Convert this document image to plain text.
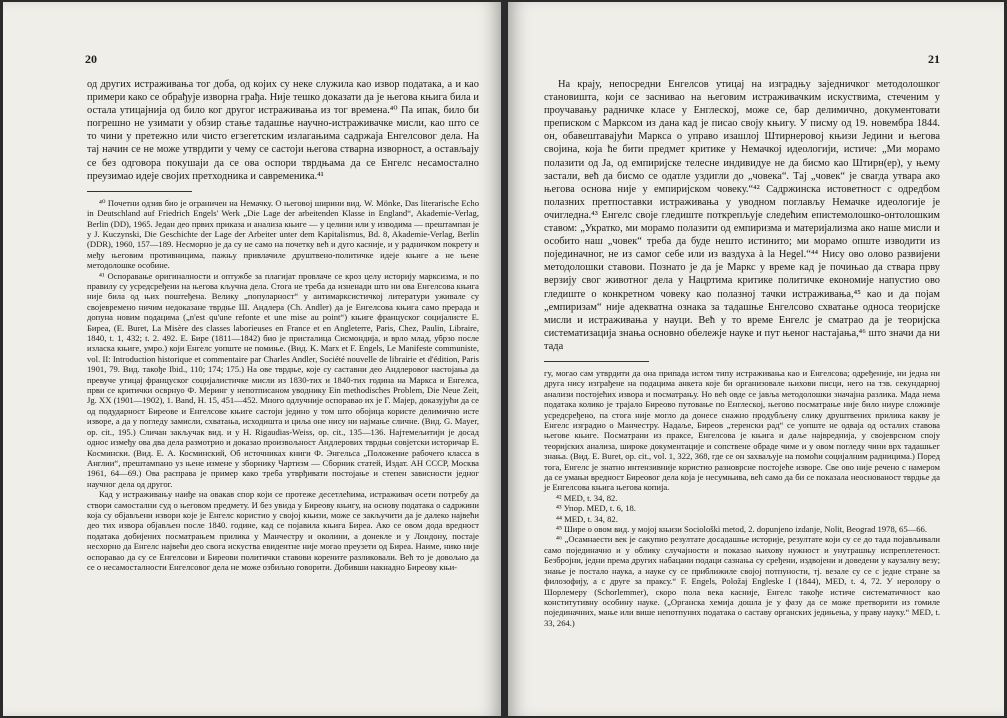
20

од других истраживања тог доба, од којих су неке служила као извор података, а и као примери како се обрађује изворна грађа. Није тешко доказати да је његова књига била и остала утицајнија од било ког другог истраживања из тог времена.⁴⁰ Па ипак, било би погрешно не узимати у обзир стање тадашње научно-истраживачке мисли, као што се то чини у претежно или чисто егзегетским излагањима садржаја Енгелсовог дела. На тај начин се не може утврдити у чему се састоји његова стварна изворност, а остављају се без одговора покушаји да се ова оспори тврдњама да се Енгелс несамостално преузимао идеје својих претходника и савременика.⁴¹

⁴⁰ Почетни одзив био је ограничен на Немачку. О његовој ширини вид. W. Mönke, Das literarische Echo in Deutschland auf Friedrich Engels' Werk „Die Lage der arbeitenden Klasse in England“, Akademie-Verlag, Berlin (DD), 1965. Један део првих приказа и анализа књиге — у целини или у изводима — прештампан је у J. Kuczynski, Die Geschichte der Lage der Arbeiter unter dem Kapitalismus, Bd. 8, Akademie-Verlag, Berlin (DDR), 1960, 157—189. Несморно је да су не само на почетку већ и дуго касније, и у радничком покрету и међу његовим противницима, пажњу привлачиле друштвено-политичке идеје књиге а не њене методолошке особине.

⁴¹ Оспоравање оригиналности и оптужбе за плагијат провлаче се кроз целу историју марксизма, и по правилу су усредсређени на његова кључна дела. Стога не треба да изненади што ни ова Енгелсова књига није била од њих поштеђена. Велику „популарност“ у антимарксистичкој литератури уживале су својевремено ничим недоказане тврдње Ш. Андлера (Ch. Andler) да је Енгелсова књига само прерада и допуна новим подацима („n'est qu'une refonte et une mise au point“) књиге француског социјалисте Е. Бирeа, (E. Buret, La Misère des classes laborieuses en France et en Angleterre, Paris, Chez, Paulin, Libraire, 1840, t. 1, 432; t. 2. 492. Е. Бире (1811—1842) био је присталица Сисмондија, и врло млад, убрзо после изласка књиге, умро.) који Енгелс уопште не помиње. (Вид. K. Marx et F. Engels, Le Manifeste communiste, vol. II: Introduction historique et commentaire par Charles Andler, Société nouvelle de librairie et d'édition, Paris 1901, 79. Вид. такође Ibid., 110; 174; 175.) На ове тврдње, које су саставни део Андлеровог настојања да превуче утицај француског социјалистичке мисли из 1830-тих и 1840-тих година на Маркса и Енгелса, први се критички осврнуо Ф. Меринг у непотписаном уводнику Ein methodisches Problem, Die Neue Zeit, Jg. XX (1901—1902), 1. Band, H. 15, 451—452. Много одлучније оспоравао их је Г. Мајер, доказујући да се од подударност Биреове и Енгелсове књиге састоји једино у том што обоjица користе делимично исте изворе, а да у погледу замисли, схватања, исходишта и циља оне нису ни најмање сличне. (Вид. G. Mayer, op. cit., 195.) Сличан закључак вид. и у H. Rigaudias-Weiss, op. cit., 135—136. Најтемељитији је досад однос између ова два дела размотрио и доказао произвољност Андлерових тврдњи совјетски историчар Е. Космински. (Вид. Е. А. Косминский, Об источниках книги Ф. Энгельса „Положение рабочего класса в Англии“, прештампано уз њене измене у зборнику Чартизм — Сборник статей, Издат. АН СССР, Москва 1961, 64—69.) Ова распрaва је пример како треба утврђивати постојање и степен зависности једног научног дела од другог.

Кад у истраживању наиђе на овакав спор који се протеже десетлећима, истраживач осети потребу да створи самостални суд о његовом предмету. И без увида у Биреову књигу, на основу података о садржини која су објављени извори које је Енгелс користио у својој књизи, може се закључити да је далеко највећи део тих извора објављен после 1840. године, кад се појавила књига Бирea. Ако се овом дода вредност података добијених посматрањем прилика у Манчестру и околини, а донекле и у Лондону, постаје несхорно да Енгелс највећи део свога искуства евидентне није могао преузети од Бирeа. Наиме, нико није оспоравао да су се Енгелсови и Биреови политички ставови корените разликовали. Већ то је довољно да се о несамосталности Енгелсовог дела не може озбиљно говорити. Добивши накнадно Биреову књи-

21

На крају, непосредни Енгелсов утицај на изградњу заједничког методолошког становишта, који се заснивао на његовим истраживачким искуствима, стеченим у проучавању радничке класе у Енглеској, може се, бар делимично, документовати преписком с Марксом из дана кад је писао своју књигу. У писму од 19. новембра 1844. он, обавештавајући Маркса о управо изашлој Штирнеровој књизи Једини и његова својина, која ће бити предмет критике у Немачкој идеологији, истиче: „Ми морамо полазити од Ја, од емпиријске телесне индивидуе не да бисмо као Штирн(ер), у њему застали, већ да бисмо се одатле уздигли до „човека“. Тај „човек“ је свагда утвара ако његова основа није у емпиријском човеку.“⁴² Садржинска истоветност с одредбом полазних претпоставки истраживања у уводном поглављу Немачке идеологије је очигледна.⁴³ Енгелс своје гледиште поткрепљује следећим епистемолошко-онтолошким ставом: „Укратко, ми морамо полазити од емпиризма и материјализма ако наше мисли и особито наш „човек“ треба да буде нешто истинито; ми морамо опште изводити из појединачног, не из самог себе или из ваздуха à la Hegel.“⁴⁴ Нису ово олово развијени методолошки ставови. Познато је да је Маркс у време кад је почињао да ствара прву верзију свог животног дела у Нацртима критике политичке економије напустио ово гледиште о конкретном човеку као полазној тачки истраживања,⁴⁵ као и да појам „емпиризам“ није адекватна ознака за тадашње Енгелсово схватање односа теоријске мисли и истраживања у науци. Већ у то време Енгелс је сматрао да је теоријска систематизација знања основно обележје науке и пут њеног настајања,⁴⁶ што значи да ни тада

гу, могао сам утврдити да она припада истом типу истраживања као и Енгелсова; одређеније, ни једна ни друга нису изграђене на подацима анкета које би организовале њихови писци, него на тзв. секундарној анализи постојећих извора и посматрању. Но већ овде се јавља методолошки значајна разлика. Мада нема података колико је трајало Биреово путовање по Енглеској, његово посматрање није било ниуре сложније усредсређено, па стога није могло да донесе снажно продубљену слику друштвених прилика какву је Енгелс изградио о Манчестру. Надаље, Биреов „теренски рад“ се уопште не одваја од осталих ставова његове књиге. Посматрани из праксе, Енгелсова је књига и даље највреднија, у својеврсном споју теоријских анализа, широке документације и сопствене обраде чиме и у овом погледу чини врх тадашњег знања. (Вид. E. Buret, op. cit., vol. 1, 322, 368, где се он захваљује на помоћи социјалним радницима.) Поред тога, Енгелс је знатно интензивније користио разноврсне постојеће изворе. Све ово није речено с намером да се умањи вредност Биреовог дела која је несумњива, већ само да би се показала неоснованост тврдње да је Енгелсова књига његова копија.

⁴² MED, t. 34, 82.

⁴³ Упор. MED, t. 6, 18.

⁴⁴ MED, t. 34, 82.

⁴⁵ Шире о овом вид. у мојој књизи Sociološki metod, 2. dopunjeno izdanje, Nolit, Beograd 1978, 65—66.

⁴⁶ „Осамнаести век је сакупио резултате досадашње историје, резултате који су се до тада појављивали само појединачно и у облику случајности и показао њихову нужност и унутрашњу испреплетеност. Безбројни, једни према других набацани подаци сазнања су сређени, издвојени и доведени у каузалну везу; знање је постало наука, а науке су се приближиле својој потпуности, тј. везале су се с једне стране за филозофију, а с друге за праксу.“ F. Engels, Položaj Engleske I (1844), MED, t. 4, 72. У неролору о Шорлемеру (Schorlemmer), скоро пола века касније, Енгелс такође истиче систематичност као конститутивну особину науке. („Органска хемија дошла је у фазу да се може претворити из гомиле појединачних, мање или више непотпуних података о саставу органских једињења, у праву науку.“ MED, t. 33, 264.)
